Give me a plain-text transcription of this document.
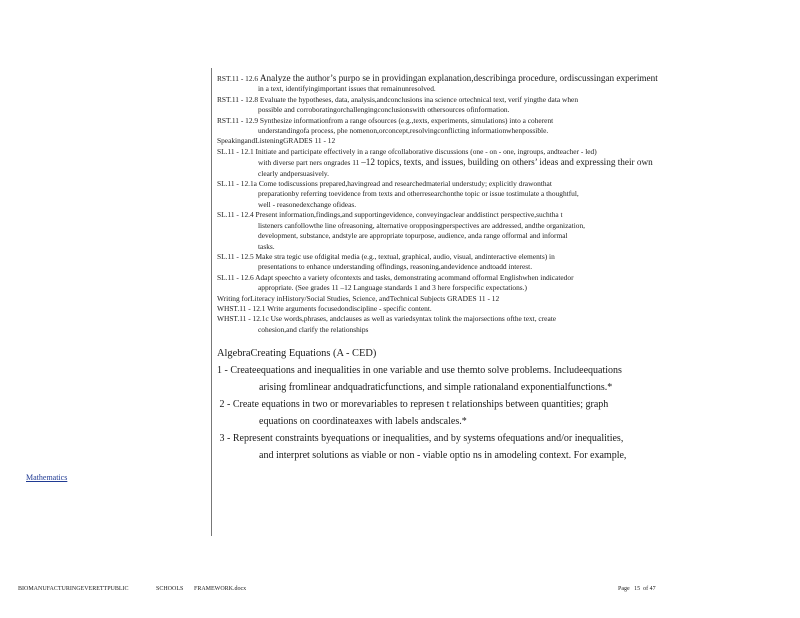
Mathematics
RST.11 - 12.6 Analyze the author’s purpo se in providingan explanation,describinga procedure, ordiscussingan experiment
in a text, identifyingimportant issues that remainunresolved.
RST.11 - 12.8 Evaluate the hypotheses, data, analysis,andconclusions ina science ortechnical text, verif yingthe data when
possible and corroboratingorchallengingconclusionswith othersources ofinformation.
RST.11 - 12.9 Synthesize informationfrom a range ofsources (e.g.,texts, experiments, simulations) into a coherent
understandingofa process, phe nomenon,orconcept,resolvingconflicting informationwhenpossible.
SpeakingandListeningGRADES 11 - 12
SL.11 - 12.1 Initiate and participate effectively in a range ofcollaborative discussions (one - on - one, ingroups, andteacher - led)
with diverse part ners ongrades 11 –12 topics, texts, and issues, building on others’ ideas and expressing their own
clearly andpersuasively.
SL.11 - 12.1a Come todiscussions prepared,havingread and researchedmaterial understudy; explicitly drawonthat
preparationby referring toevidence from texts and otherresearchonthe topic or issue tostimulate a thoughtful,
well - reasonedexchange ofideas.
SL.11 - 12.4 Present information,findings,and supportingevidence, conveyingaclear anddistinct perspective,suchtha t
listeners canfollowthe line ofreasoning, alternative oropposingperspectives are addressed, andthe organization,
development, substance, andstyle are appropriate topurpose, audience, anda range offormal and informal
tasks.
SL.11 - 12.5 Make stra tegic use ofdigital media (e.g., textual, graphical, audio, visual, andinteractive elements) in
presentations to enhance understanding offindings, reasoning,andevidence andtoadd interest.
SL.11 - 12.6 Adapt speechto a variety ofcontexts and tasks, demonstrating acommand offormal Englishwhen indicatedor
appropriate. (See grades 11 –12 Language standards 1 and 3 here forspecific expectations.)
Writing forLiteracy inHistory/Social Studies, Science, andTechnical Subjects GRADES 11 - 12
WHST.11 - 12.1 Write arguments focusedondiscipline - specific content.
WHST.11 - 12.1c Use words,phrases, andclauses as well as variedsyntax tolink the majorsections ofthe text, create
cohesion,and clarify the relationships
AlgebraCreating Equations (A - CED)
1 - Createequations and inequalities in one variable and use themto solve problems. Includeequations
arising fromlinear andquadraticfunctions, and simple rationaland exponentialfunctions.*
2 - Create equations in two or morevariables to represen t relationships between quantities; graph
equations on coordinateaxes with labels andscales.*
3 - Represent constraints byequations or inequalities, and by systems ofequations and/or inequalities,
and interpret solutions as viable or non - viable optio ns in amodeling context. For example,
BIOMANUFACTURINGEVERETTPUBLIC	SCHOOLS FRAMEWORK.docx	Page 15 of 47
